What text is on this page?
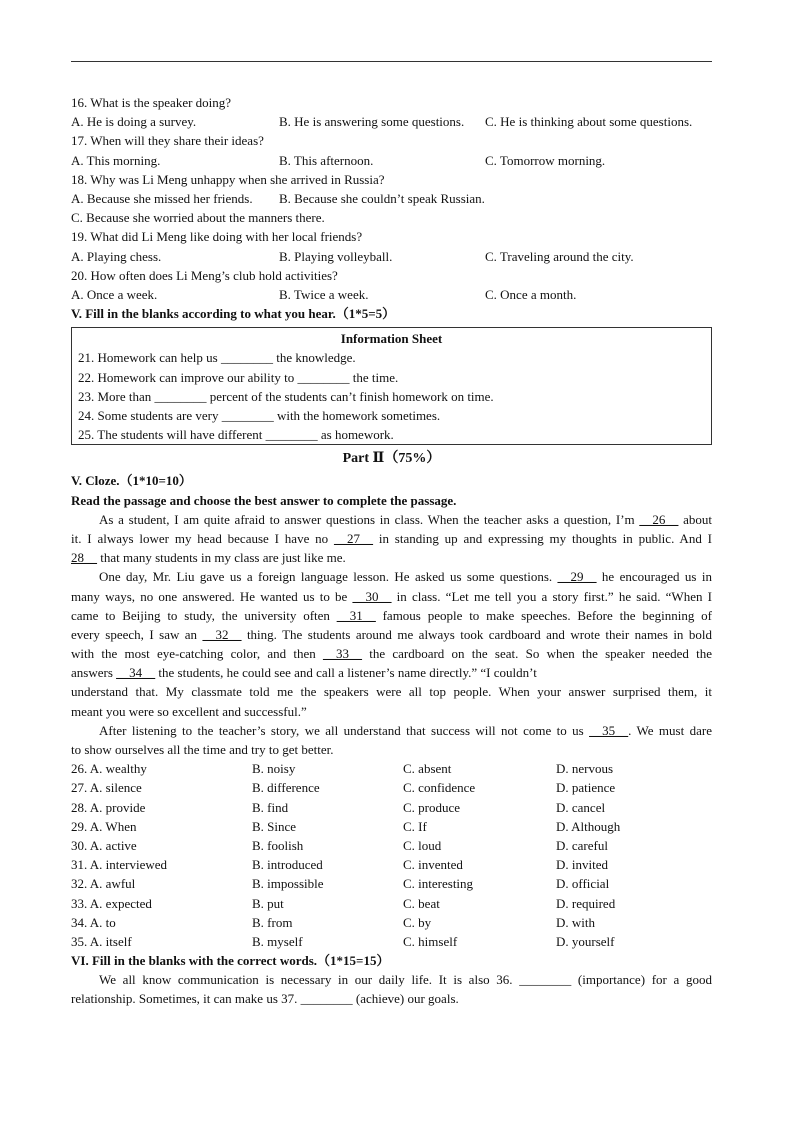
16. What is the speaker doing?
A. He is doing a survey.	B. He is answering some questions.	C. He is thinking about some questions.
17. When will they share their ideas?
A. This morning.	B. This afternoon.	C. Tomorrow morning.
18. Why was Li Meng unhappy when she arrived in Russia?
A. Because she missed her friends.	B. Because she couldn’t speak Russian.
C. Because she worried about the manners there.
19. What did Li Meng like doing with her local friends?
A. Playing chess.	B. Playing volleyball.	C. Traveling around the city.
20. How often does Li Meng’s club hold activities?
A. Once a week.	B. Twice a week.	C. Once a month.
V. Fill in the blanks according to what you hear.（1*5=5）
Information Sheet
21. Homework can help us ________ the knowledge.
22. Homework can improve our ability to ________ the time.
23. More than ________ percent of the students can’t finish homework on time.
24. Some students are very ________ with the homework sometimes.
25. The students will have different ________ as homework.
Part Ⅱ（75%）
V. Cloze.（1*10=10）
Read the passage and choose the best answer to complete the passage.
As a student, I am quite afraid to answer questions in class. When the teacher asks a question, I’m __26__ about
it. I always lower my head because I have no __27__ in standing up and expressing my thoughts in public. And I
28__ that many students in my class are just like me.
One day, Mr. Liu gave us a foreign language lesson. He asked us some questions. __29__ he encouraged us in
many ways, no one answered. He wanted us to be __30__ in class. “Let me tell you a story first.” he said. “When I
came to Beijing to study, the university often __31__ famous people to make speeches. Before the beginning of
every speech, I saw an __32__ thing. The students around me always took cardboard and wrote their names in bold
with the most eye-catching color, and then __33__ the cardboard on the seat. So when the speaker needed the
answers __34__ the students, he could see and call a listener’s name directly.” “I couldn’t
understand that. My classmate told me the speakers were all top people. When your answer surprised them, it
meant you were so excellent and successful.”
After listening to the teacher’s story, we all understand that success will not come to us __35__. We must dare
to show ourselves all the time and try to get better.
26. A. wealthy	B. noisy	C. absent	D. nervous
27. A. silence	B. difference	C. confidence	D. patience
28. A. provide	B. find	C. produce	D. cancel
29. A. When	B. Since	C. If	D. Although
30. A. active	B. foolish	C. loud	D. careful
31. A. interviewed	B. introduced	C. invented	D. invited
32. A. awful	B. impossible	C. interesting	D. official
33. A. expected	B. put	C. beat	D. required
34. A. to	B. from	C. by	D. with
35. A. itself	B. myself	C. himself	D. yourself
VI. Fill in the blanks with the correct words.（1*15=15）
We all know communication is necessary in our daily life. It is also 36. ________ (importance) for a good
relationship. Sometimes, it can make us 37. ________ (achieve) our goals.
